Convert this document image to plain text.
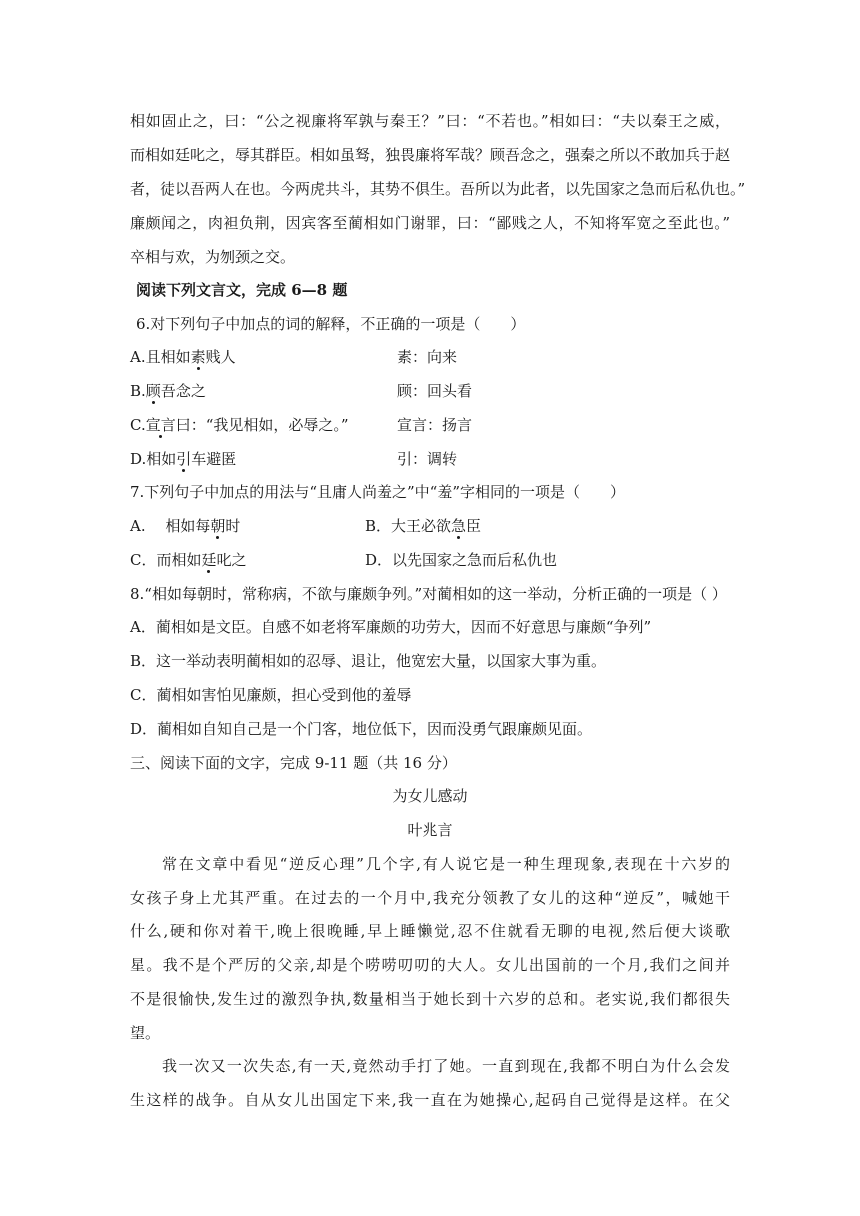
相如固止之，曰：“公之视廉将军孰与秦王？”曰：“不若也。”相如曰：“夫以秦王之威，
而相如廷叱之，辱其群臣。相如虽驽，独畏廉将军哉？顾吾念之，强秦之所以不敢加兵于赵
者，徒以吾两人在也。今两虎共斗，其势不俱生。吾所以为此者，以先国家之急而后私仇也。”
廉颇闻之，肉袒负荆，因宾客至蔺相如门谢罪，曰：“鄙贱之人，不知将军宽之至此也。”
卒相与欢，为刎颈之交。
阅读下列文言文，完成 6—8 题
6.对下列句子中加点的词的解释，不正确的一项是（　　）
A.且相如素贱人	素：向来
B.顾吾念之	顾：回头看
C.宣言曰：“我见相如，必辱之。”	宣言：扬言
D.相如引车避匿	引：调转
7.下列句子中加点的用法与“且庸人尚羞之”中“羞”字相同的一项是（　　）
A.　 相如每朝时	B．大王必欲急臣
C．而相如廷叱之	D．以先国家之急而后私仇也
8.“相如每朝时，常称病，不欲与廉颇争列。”对蔺相如的这一举动，分析正确的一项是（ ）
A．蔺相如是文臣。自感不如老将军廉颇的功劳大，因而不好意思与廉颇“争列”
B．这一举动表明蔺相如的忍辱、退让，他宽宏大量，以国家大事为重。
C．蔺相如害怕见廉颇，担心受到他的羞辱
D．蔺相如自知自己是一个门客，地位低下，因而没勇气跟廉颇见面。
三、阅读下面的文字，完成 9-11 题（共 16 分）
为女儿感动
叶兆言
常在文章中看见“逆反心理”几个字,有人说它是一种生理现象,表现在十六岁的
女孩子身上尤其严重。在过去的一个月中,我充分领教了女儿的这种“逆反”，喊她干
什么,硬和你对着干,晚上很晚睡,早上睡懒觉,忍不住就看无聊的电视,然后便大谈歌
星。我不是个严厉的父亲,却是个唠唠叨叨的大人。女儿出国前的一个月,我们之间并
不是很愉快,发生过的激烈争执,数量相当于她长到十六岁的总和。老实说,我们都很失
望。
我一次又一次失态,有一天,竟然动手打了她。一直到现在,我都不明白为什么会发
生这样的战争。自从女儿出国定下来,我一直在为她操心,起码自己觉得是这样。在父
